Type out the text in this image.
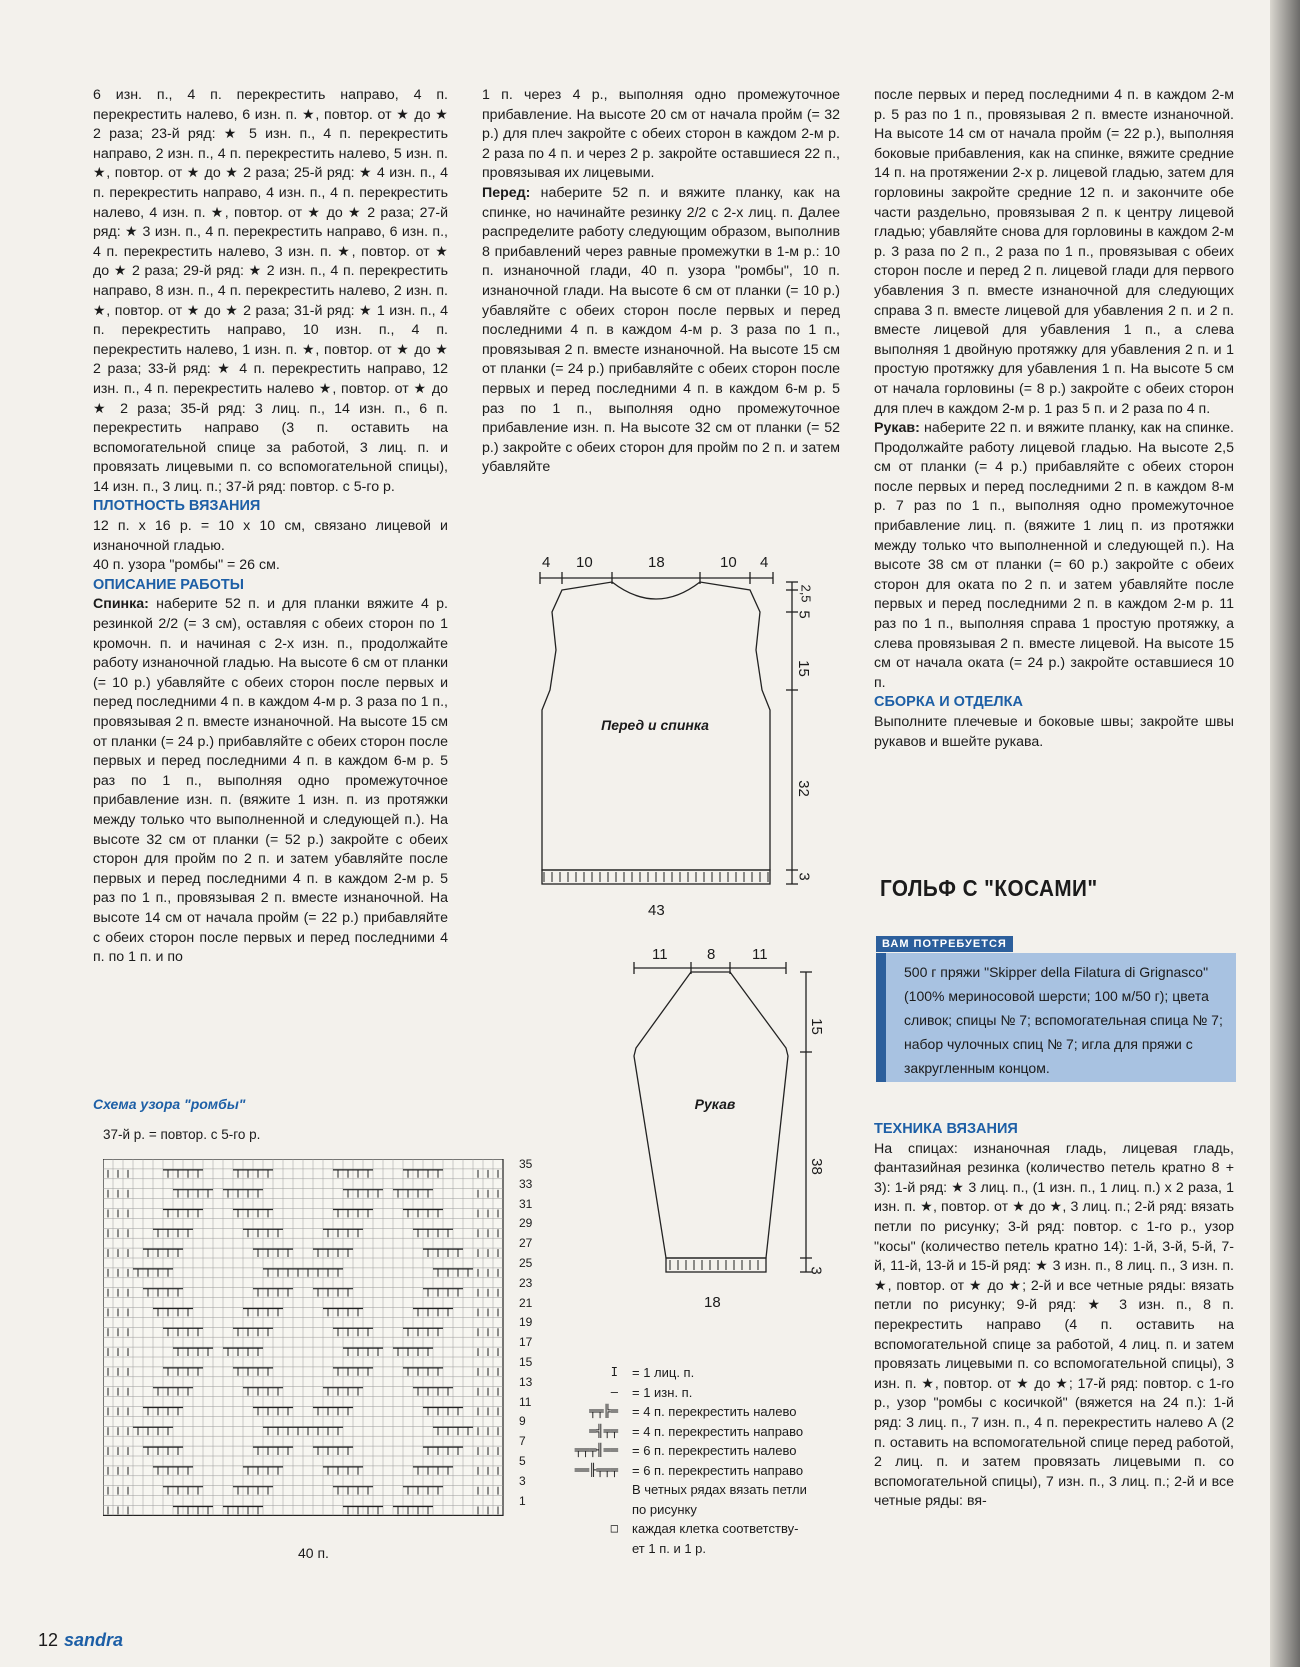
6 изн. п., 4 п. перекрестить направо, 4 п. перекрестить налево, 6 изн. п. ★, повтор. от ★ до ★ 2 раза; 23-й ряд: ★ 5 изн. п., 4 п. перекрестить направо, 2 изн. п., 4 п. перекрестить налево, 5 изн. п. ★, повтор. от ★ до ★ 2 раза; 25-й ряд: ★ 4 изн. п., 4 п. перекрестить направо, 4 изн. п., 4 п. перекрестить налево, 4 изн. п. ★, повтор. от ★ до ★ 2 раза; 27-й ряд: ★ 3 изн. п., 4 п. перекрестить направо, 6 изн. п., 4 п. перекрестить налево, 3 изн. п. ★, повтор. от ★ до ★ 2 раза; 29-й ряд: ★ 2 изн. п., 4 п. перекрестить направо, 8 изн. п., 4 п. перекрестить налево, 2 изн. п. ★, повтор. от ★ до ★ 2 раза; 31-й ряд: ★ 1 изн. п., 4 п. перекрестить направо, 10 изн. п., 4 п. перекрестить налево, 1 изн. п. ★, повтор. от ★ до ★ 2 раза; 33-й ряд: ★ 4 п. перекрестить направо, 12 изн. п., 4 п. перекрестить налево ★, повтор. от ★ до ★ 2 раза; 35-й ряд: 3 лиц. п., 14 изн. п., 6 п. перекрестить направо (3 п. оставить на вспомогательной спице за работой, 3 лиц. п. и провязать лицевыми п. со вспомогательной спицы), 14 изн. п., 3 лиц. п.; 37-й ряд: повтор. с 5-го р.

ПЛОТНОСТЬ ВЯЗАНИЯ

12 п. х 16 р. = 10 х 10 см, связано лицевой и изнаночной гладью.

40 п. узора "ромбы" = 26 см.

ОПИСАНИЕ РАБОТЫ

Спинка: наберите 52 п. и для планки вяжите 4 р. резинкой 2/2 (= 3 см), оставляя с обеих сторон по 1 кромочн. п. и начиная с 2-х изн. п., продолжайте работу изнаночной гладью. На высоте 6 см от планки (= 10 р.) убавляйте с обеих сторон после первых и перед последними 4 п. в каждом 4-м р. 3 раза по 1 п., провязывая 2 п. вместе изнаночной. На высоте 15 см от планки (= 24 р.) прибавляйте с обеих сторон после первых и перед последними 4 п. в каждом 6-м р. 5 раз по 1 п., выполняя одно промежуточное прибавление изн. п. (вяжите 1 изн. п. из протяжки между только что выполненной и следующей п.). На высоте 32 см от планки (= 52 р.) закройте с обеих сторон для пройм по 2 п. и затем убавляйте после первых и перед последними 4 п. в каждом 2-м р. 5 раз по 1 п., провязывая 2 п. вместе изнаночной. На высоте 14 см от начала пройм (= 22 р.) прибавляйте с обеих сторон после первых и перед последними 4 п. по 1 п. и по

1 п. через 4 р., выполняя одно промежуточное прибавление. На высоте 20 см от начала пройм (= 32 р.) для плеч закройте с обеих сторон в каждом 2-м р. 2 раза по 4 п. и через 2 р. закройте оставшиеся 22 п., провязывая их лицевыми.

Перед: наберите 52 п. и вяжите планку, как на спинке, но начинайте резинку 2/2 с 2-х лиц. п. Далее распределите работу следующим образом, выполнив 8 прибавлений через равные промежутки в 1-м р.: 10 п. изнаночной глади, 40 п. узора "ромбы", 10 п. изнаночной глади. На высоте 6 см от планки (= 10 р.) убавляйте с обеих сторон после первых и перед последними 4 п. в каждом 4-м р. 3 раза по 1 п., провязывая 2 п. вместе изнаночной. На высоте 15 см от планки (= 24 р.) прибавляйте с обеих сторон после первых и перед последними 4 п. в каждом 6-м р. 5 раз по 1 п., выполняя одно промежуточное прибавление изн. п. На высоте 32 см от планки (= 52 р.) закройте с обеих сторон для пройм по 2 п. и затем убавляйте

после первых и перед последними 4 п. в каждом 2-м р. 5 раз по 1 п., провязывая 2 п. вместе изнаночной. На высоте 14 см от начала пройм (= 22 р.), выполняя боковые прибавления, как на спинке, вяжите средние 14 п. на протяжении 2-х р. лицевой гладью, затем для горловины закройте средние 12 п. и закончите обе части раздельно, провязывая 2 п. к центру лицевой гладью; убавляйте снова для горловины в каждом 2-м р. 3 раза по 2 п., 2 раза по 1 п., провязывая с обеих сторон после и перед 2 п. лицевой глади для первого убавления 3 п. вместе изнаночной для следующих справа 3 п. вместе лицевой для убавления 2 п. и 2 п. вместе лицевой для убавления 1 п., а слева выполняя 1 двойную протяжку для убавления 2 п. и 1 простую протяжку для убавления 1 п. На высоте 5 см от начала горловины (= 8 р.) закройте с обеих сторон для плеч в каждом 2-м р. 1 раз 5 п. и 2 раза по 4 п.

Рукав: наберите 22 п. и вяжите планку, как на спинке. Продолжайте работу лицевой гладью. На высоте 2,5 см от планки (= 4 р.) прибавляйте с обеих сторон после первых и перед последними 2 п. в каждом 8-м р. 7 раз по 1 п., выполняя одно промежуточное прибавление лиц. п. (вяжите 1 лиц п. из протяжки между только что выполненной и следующей п.). На высоте 38 см от планки (= 60 р.) закройте с обеих сторон для оката по 2 п. и затем убавляйте после первых и перед последними 2 п. в каждом 2-м р. 11 раз по 1 п., выполняя справа 1 простую протяжку, а слева провязывая 2 п. вместе лицевой. На высоте 15 см от начала оката (= 24 р.) закройте оставшиеся 10 п.

СБОРКА И ОТДЕЛКА

Выполните плечевые и боковые швы; закройте швы рукавов и вшейте рукава.

ГОЛЬФ С "КОСАМИ"
ВАМ ПОТРЕБУЕТСЯ
500 г пряжи "Skipper della Filatura di Grignasco" (100% мериносовой шерсти; 100 м/50 г); цвета сливок; спицы № 7; вспомогательная спица № 7; набор чулочных спиц № 7; игла для пряжи с закругленным концом.

ТЕХНИКА ВЯЗАНИЯ

На спицах: изнаночная гладь, лицевая гладь, фантазийная резинка (количество петель кратно 8 + 3): 1-й ряд: ★ 3 лиц. п., (1 изн. п., 1 лиц. п.) х 2 раза, 1 изн. п. ★, повтор. от ★ до ★, 3 лиц. п.; 2-й ряд: вязать петли по рисунку; 3-й ряд: повтор. с 1-го р., узор "косы" (количество петель кратно 14): 1-й, 3-й, 5-й, 7-й, 11-й, 13-й и 15-й ряд: ★ 3 изн. п., 8 лиц. п., 3 изн. п. ★, повтор. от ★ до ★; 2-й и все четные ряды: вязать петли по рисунку; 9-й ряд: ★ 3 изн. п., 8 п. перекрестить направо (4 п. оставить на вспомогательной спице за работой, 4 лиц. п. и затем провязать лицевыми п. со вспомогательной спицы), 3 изн. п. ★, повтор. от ★ до ★; 17-й ряд: повтор. с 1-го р., узор "ромбы с косичкой" (вяжется на 24 п.): 1-й ряд: 3 лиц. п., 7 изн. п., 4 п. перекрестить налево А (2 п. оставить на вспомогательной спице перед работой, 2 лиц. п. и затем провязать лицевыми п. со вспомогательной спицы), 7 изн. п., 3 лиц. п.; 2-й и все четные ряды: вя-

4 10	18	10 4
2,5
5
15
32
3
Перед и спинка
43
11	8 11
15
38
3
Рукав
18
Схема узора "ромбы"
37-й р. = повтор. с 5-го р.
35
33
31
29
27
25
23
21
19
17
15
13
11
9
7
5
3
1
40 п.
I = 1 лиц. п.
– = 1 изн. п.
╤╤╠═ = 4 п. перекрестить налево
═╣╤╤ = 4 п. перекрестить направо
╤╤╤╢══ = 6 п. перекрестить налево
══╟╤╤╤ = 6 п. перекрестить направо
В четных рядах вязать петли
по рисунку
□ каждая клетка соответству-
ет 1 п. и 1 р.
12 sandra
